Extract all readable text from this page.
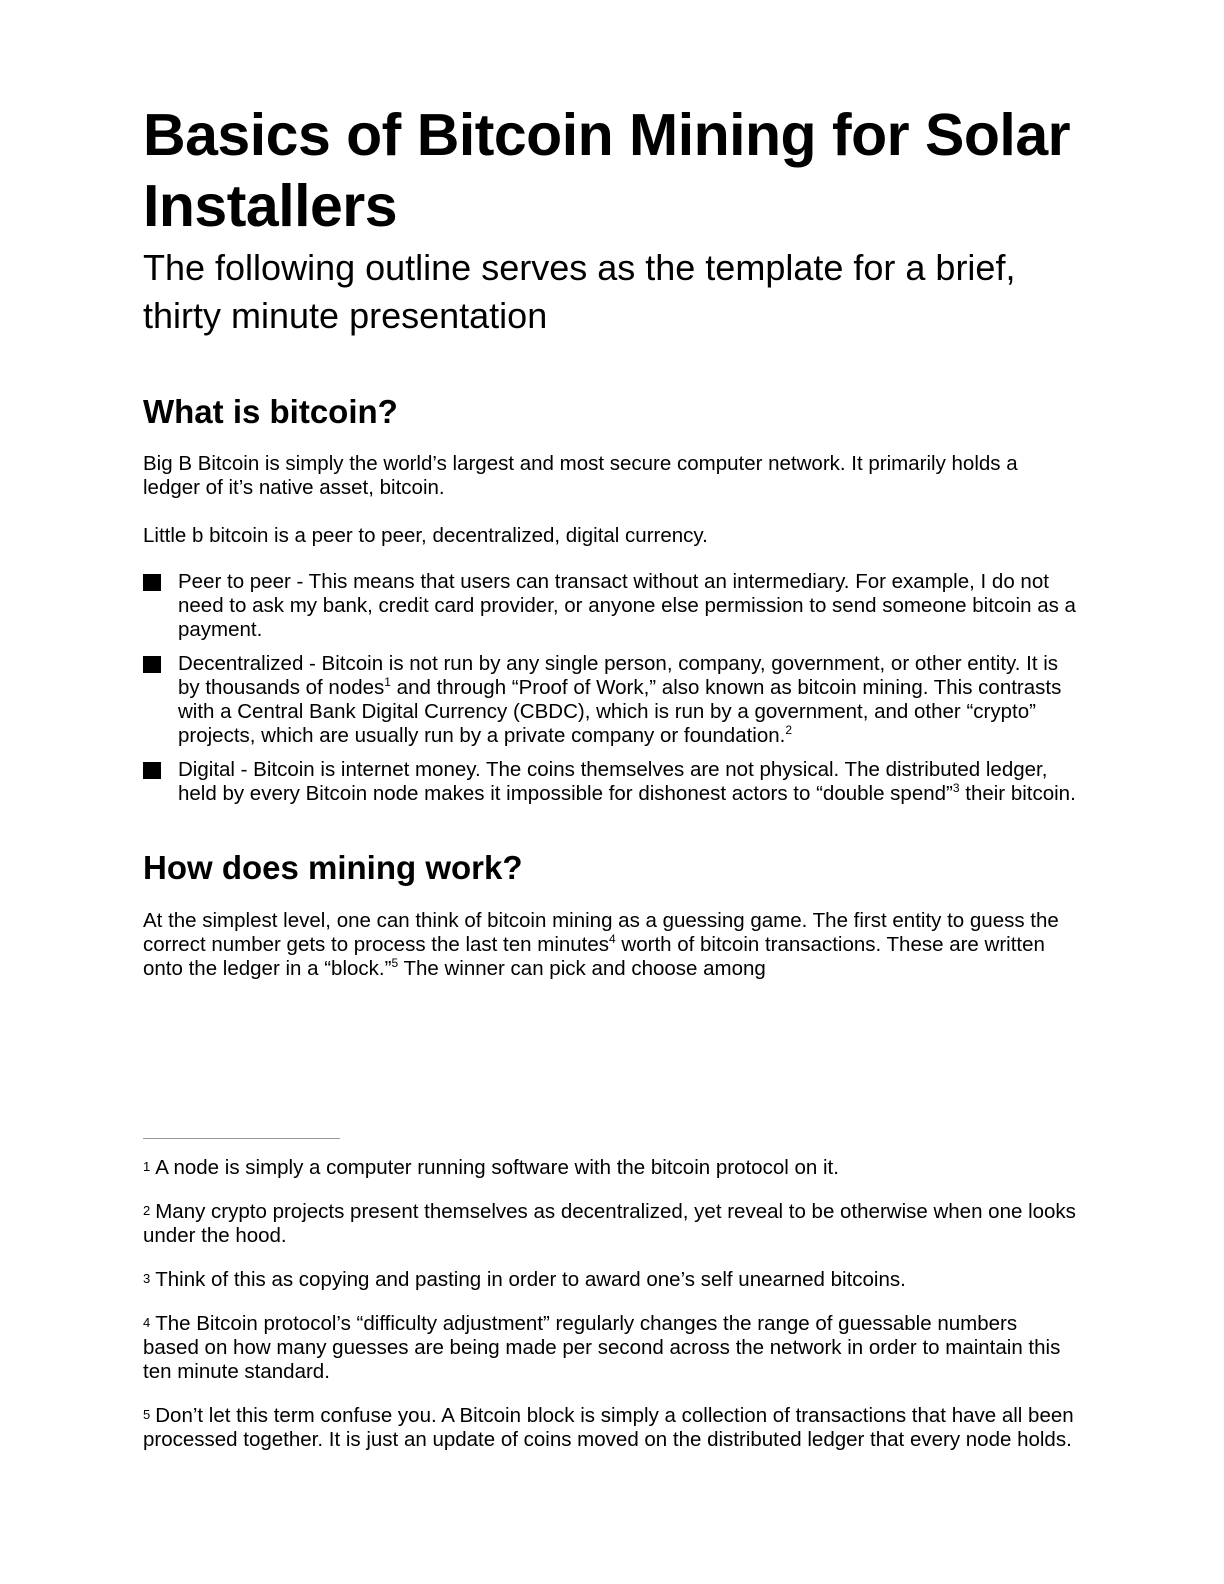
Basics of Bitcoin Mining for Solar Installers
The following outline serves as the template for a brief, thirty minute presentation
What is bitcoin?

Big B Bitcoin is simply the world’s largest and most secure computer network. It primarily holds a ledger of it’s native asset, bitcoin.

Little b bitcoin is a peer to peer, decentralized, digital currency.

Peer to peer - This means that users can transact without an intermediary. For example, I do not need to ask my bank, credit card provider, or anyone else permission to send someone bitcoin as a payment.
Decentralized - Bitcoin is not run by any single person, company, government, or other entity. It is by thousands of nodes$^1$ and through “Proof of Work,” also known as bitcoin mining. This contrasts with a Central Bank Digital Currency (CBDC), which is run by a government, and other “crypto” projects, which are usually run by a private company or foundation.$^2$
Digital - Bitcoin is internet money. The coins themselves are not physical. The distributed ledger, held by every Bitcoin node makes it impossible for dishonest actors to “double spend”$^3$ their bitcoin.
How does mining work?

At the simplest level, one can think of bitcoin mining as a guessing game. The first entity to guess the correct number gets to process the last ten minutes$^4$ worth of bitcoin transactions. These are written onto the ledger in a “block.”$^5$ The winner can pick and choose among

1 A node is simply a computer running software with the bitcoin protocol on it.

2 Many crypto projects present themselves as decentralized, yet reveal to be otherwise when one looks under the hood.

3 Think of this as copying and pasting in order to award one’s self unearned bitcoins.

4 The Bitcoin protocol’s “difficulty adjustment” regularly changes the range of guessable numbers based on how many guesses are being made per second across the network in order to maintain this ten minute standard.

5 Don’t let this term confuse you. A Bitcoin block is simply a collection of transactions that have all been processed together. It is just an update of coins moved on the distributed ledger that every node holds.
